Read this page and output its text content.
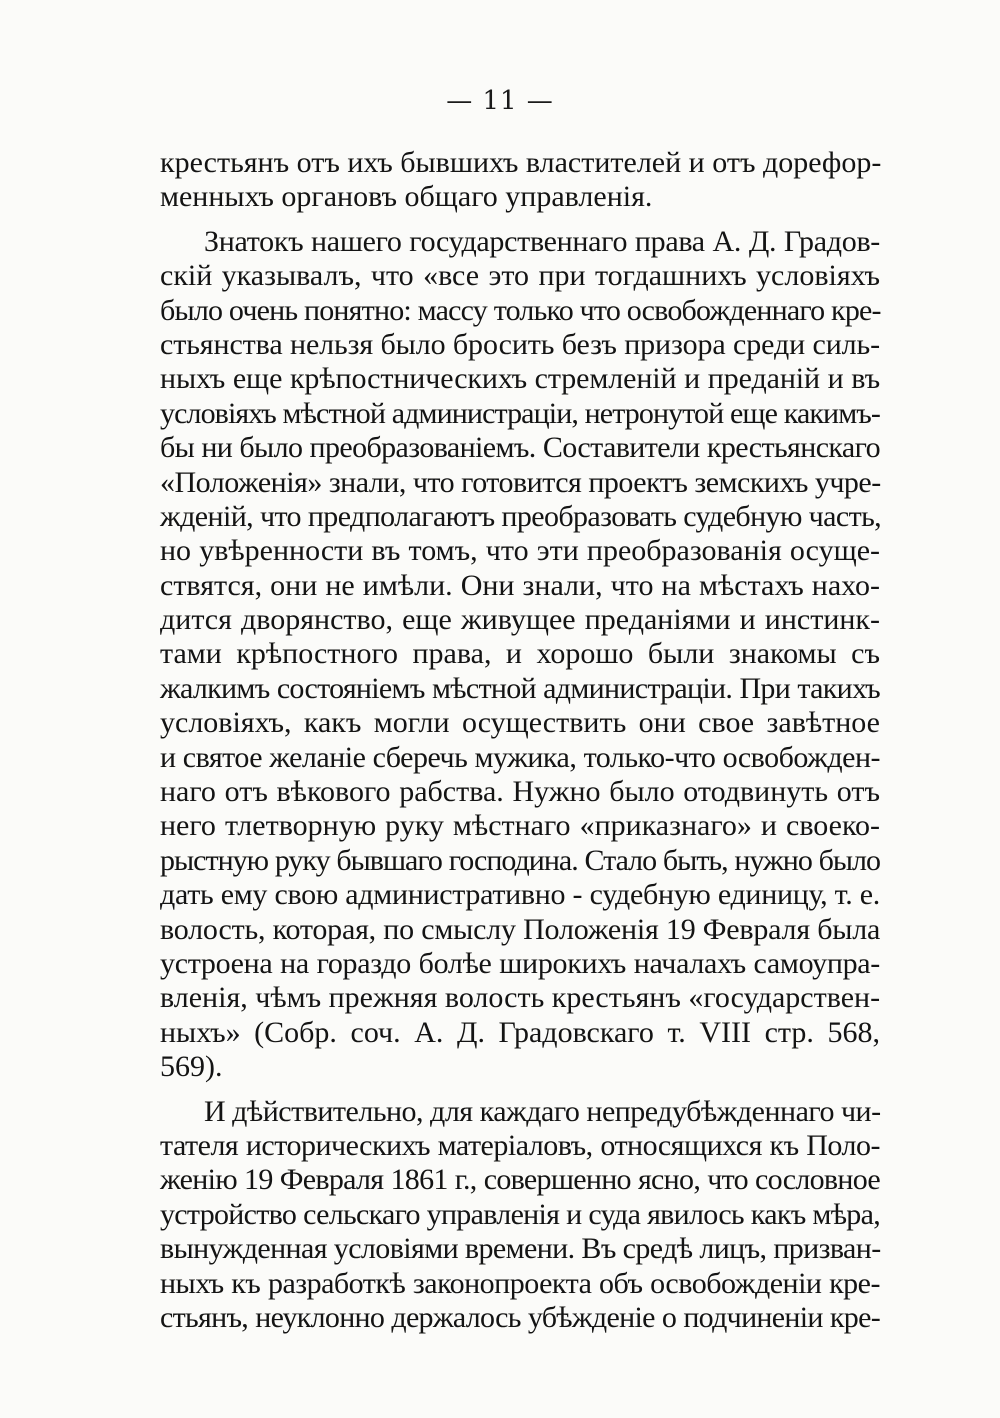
— 11 —
крестьянъ отъ ихъ бывшихъ властителей и отъ дорефор-
менныхъ органовъ общаго управленія.
Знатокъ нашего государственнаго права А. Д. Градов-
скій указывалъ, что «все это при тогдашнихъ условіяхъ
было очень понятно: массу только что освобожденнаго кре-
стьянства нельзя было бросить безъ призора среди силь-
ныхъ еще крѣпостническихъ стремленій и преданій и въ
условіяхъ мѣстной администраціи, нетронутой еще какимъ-
бы ни было преобразованіемъ. Составители крестьянскаго
«Положенія» знали, что готовится проектъ земскихъ учре-
жденій, что предполагаютъ преобразовать судебную часть,
но увѣренности въ томъ, что эти преобразованія осуще-
ствятся, они не имѣли. Они знали, что на мѣстахъ нахо-
дится дворянство, еще живущее преданіями и инстинк-
тами крѣпостного права, и хорошо были знакомы съ
жалкимъ состояніемъ мѣстной администраціи. При такихъ
условіяхъ, какъ могли осуществить они свое завѣтное
и святое желаніе сберечь мужика, только-что освобожден-
наго отъ вѣкового рабства. Нужно было отодвинуть отъ
него тлетворную руку мѣстнаго «приказнаго» и своеко-
рыстную руку бывшаго господина. Стало быть, нужно было
дать ему свою административно - судебную единицу, т. е.
волость, которая, по смыслу Положенія 19 Февраля была
устроена на гораздо болѣе широкихъ началахъ самоупра-
вленія, чѣмъ прежняя волость крестьянъ «государствен-
ныхъ» (Собр. соч. А. Д. Градовскаго т. VIII стр. 568,
569).
И дѣйствительно, для каждаго непредубѣжденнаго чи-
тателя историческихъ матеріаловъ, относящихся къ Поло-
женію 19 Февраля 1861 г., совершенно ясно, что сословное
устройство сельскаго управленія и суда явилось какъ мѣра,
вынужденная условіями времени. Въ средѣ лицъ, призван-
ныхъ къ разработкѣ законопроекта объ освобожденіи кре-
стьянъ, неуклонно держалось убѣжденіе о подчиненіи кре-
